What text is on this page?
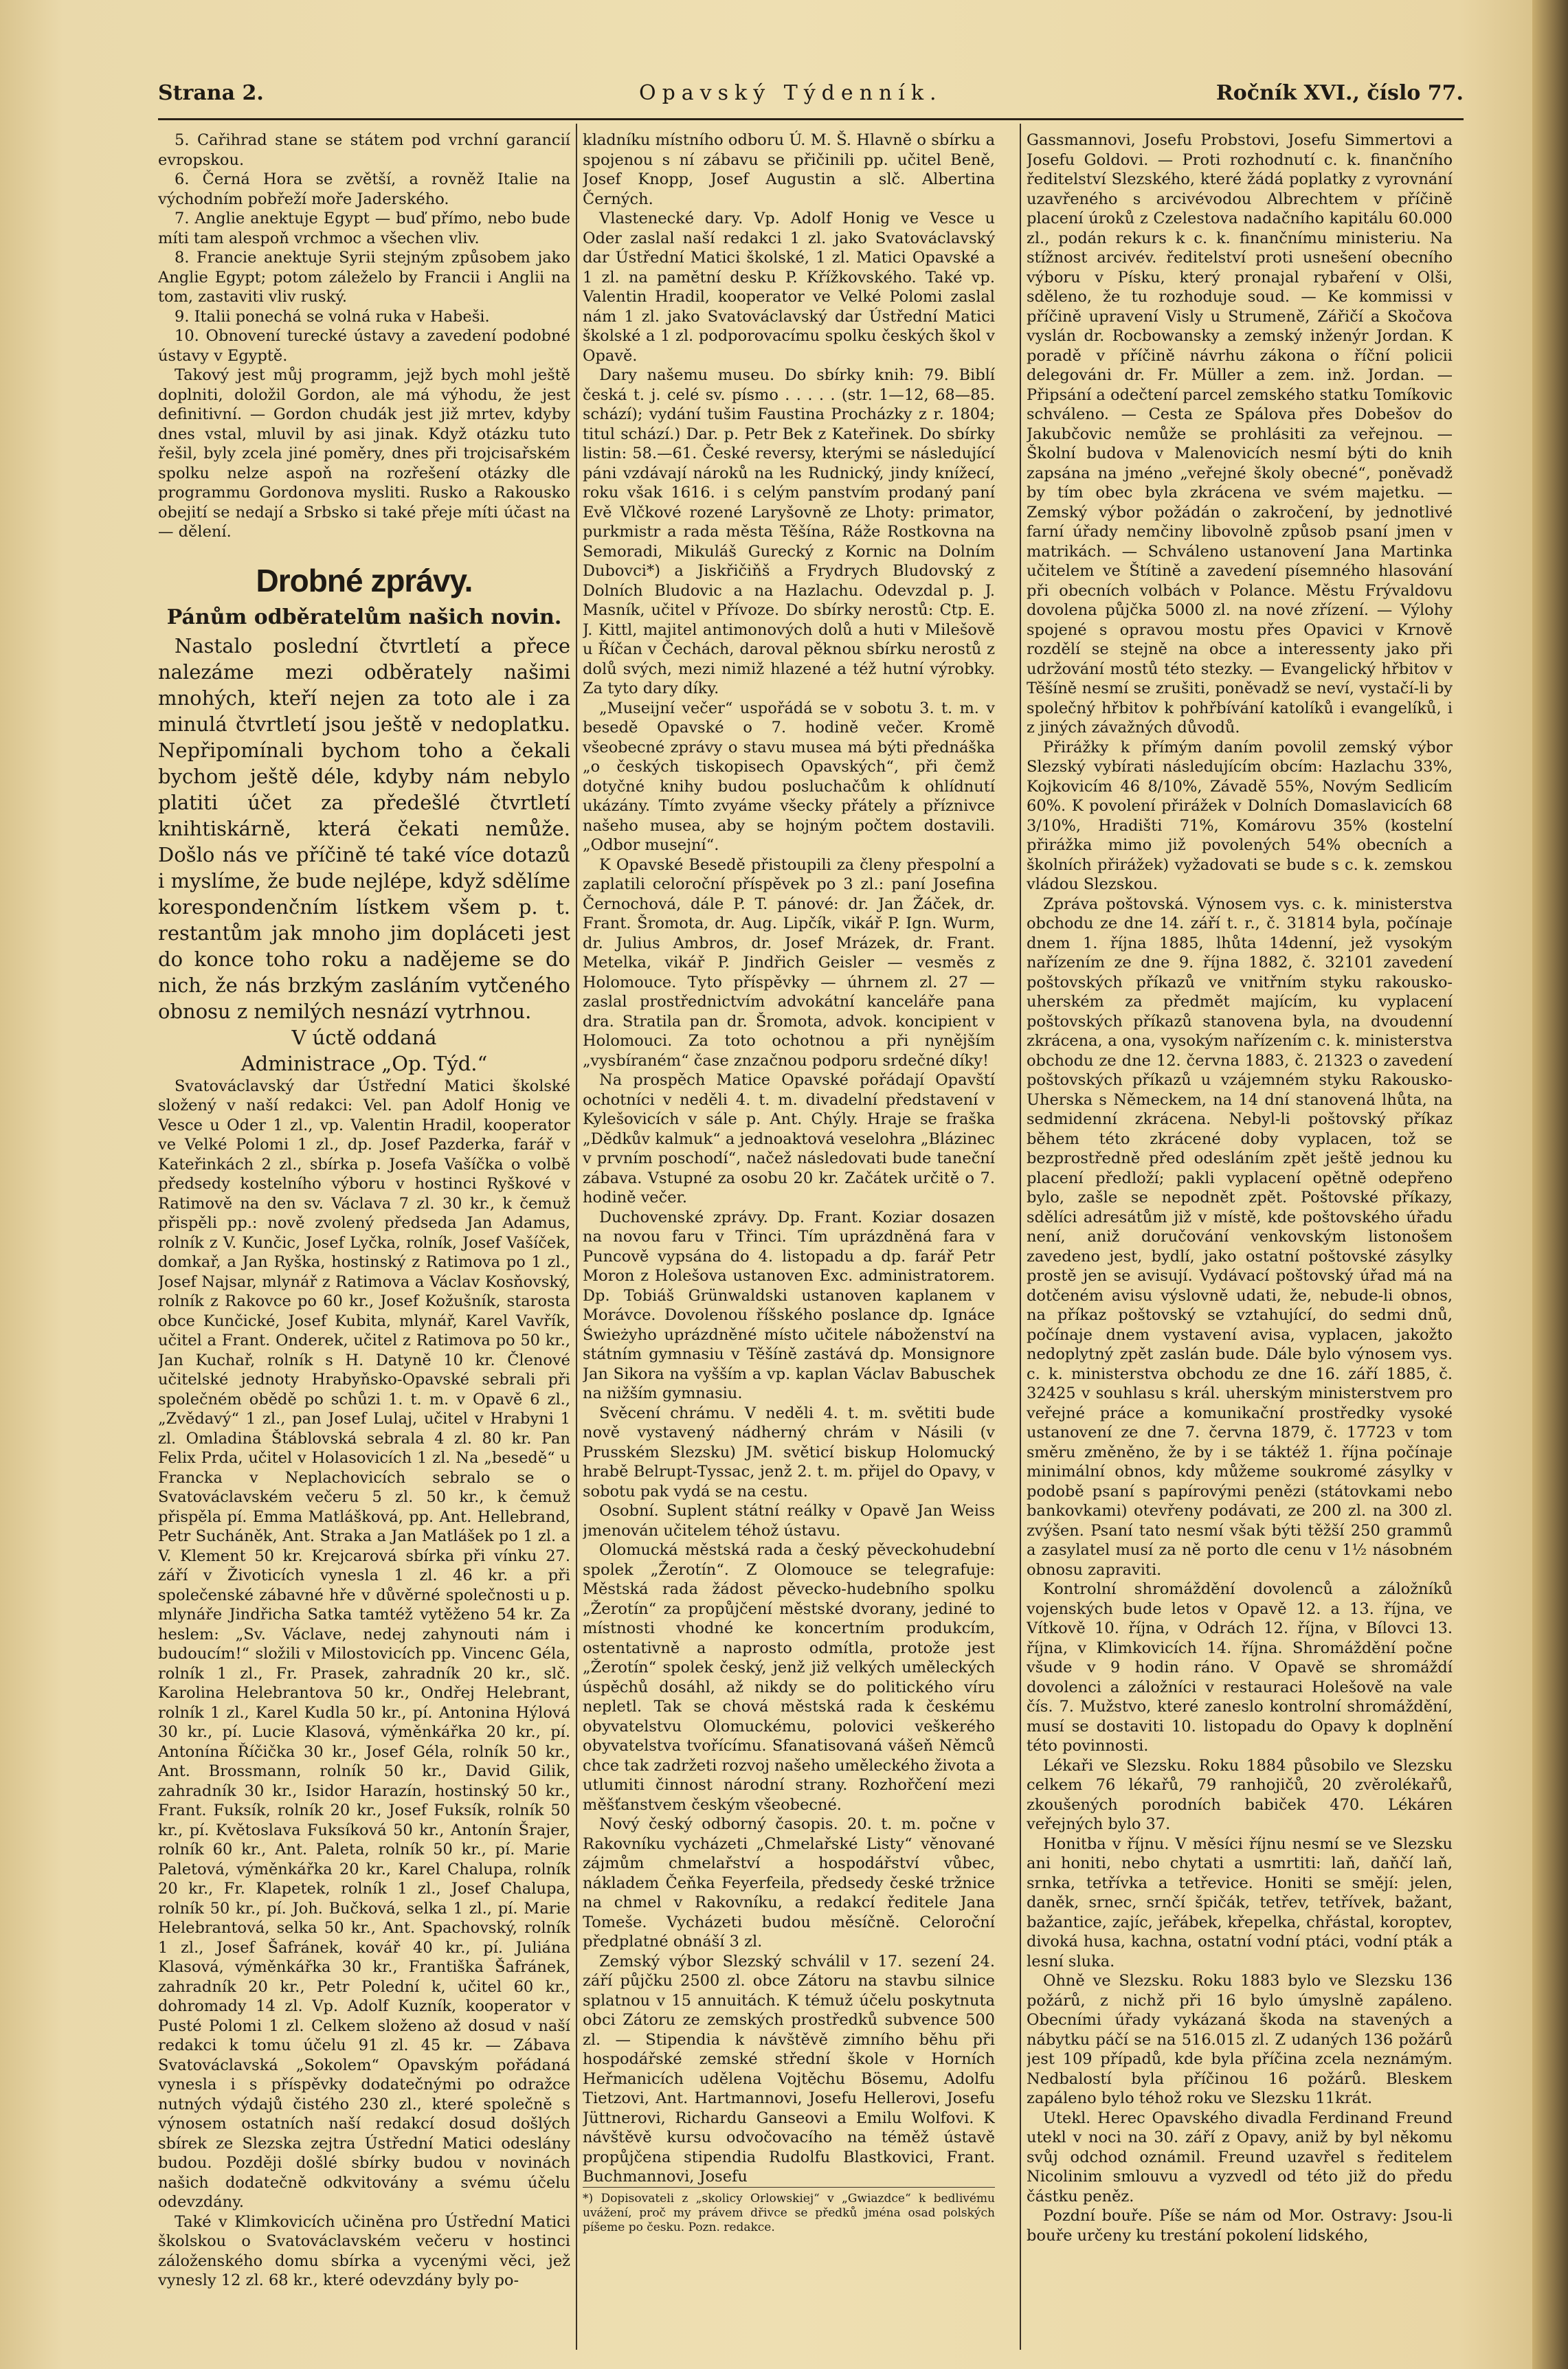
Strana 2.	Opavský Týdenník.	Ročník XVI., číslo 77.

5. Cařihrad stane se státem pod vrchní garancií evropskou.

6. Černá Hora se zvětší, a rovněž Italie na východním pobřeží moře Jaderského.

7. Anglie anektuje Egypt — buď přímo, nebo bude míti tam alespoň vrchmoc a všechen vliv.

8. Francie anektuje Syrii stejným způsobem jako Anglie Egypt; potom záleželo by Francii i Anglii na tom, zastaviti vliv ruský.

9. Italii ponechá se volná ruka v Habeši.

10. Obnovení turecké ústavy a zavedení podobné ústavy v Egyptě.

Takový jest můj programm, jejž bych mohl ještě doplniti, doložil Gordon, ale má výhodu, že jest definitivní. — Gordon chudák jest již mrtev, kdyby dnes vstal, mluvil by asi jinak. Když otázku tuto řešil, byly zcela jiné poměry, dnes při trojcisařském spolku nelze aspoň na rozřešení otázky dle programmu Gordonova mysliti. Rusko a Rakousko obejití se nedají a Srbsko si také přeje míti účast na — dělení.

Drobné zprávy.
Pánům odběratelům našich novin.

Nastalo poslední čtvrtletí a přece nalezáme mezi odběrately našimi mnohých, kteří nejen za toto ale i za minulá čtvrtletí jsou ještě v nedoplatku. Nepřipomínali bychom toho a čekali bychom ještě déle, kdyby nám nebylo platiti účet za předešlé čtvrtletí knihtiskárně, která čekati nemůže. Došlo nás ve příčině té také více dotazů i myslíme, že bude nejlépe, když sdělíme korespondenčním lístkem všem p. t. restantům jak mnoho jim dopláceti jest do konce toho roku a nadějeme se do nich, že nás brzkým zasláním vytčeného obnosu z nemilých nesnází vytrhnou.

V úctě oddaná

Administrace „Op. Týd.“

Svatováclavský dar Ústřední Matici školské složený v naší redakci: Vel. pan Adolf Honig ve Vesce u Oder 1 zl., vp. Valentin Hradil, kooperator ve Velké Polomi 1 zl., dp. Josef Pazderka, farář v Kateřinkách 2 zl., sbírka p. Josefa Vašíčka o volbě předsedy kostelního výboru v hostinci Ryškové v Ratimově na den sv. Václava 7 zl. 30 kr., k čemuž přispěli pp.: nově zvolený předseda Jan Adamus, rolník z V. Kunčic, Josef Lyčka, rolník, Josef Vašíček, domkař, a Jan Ryška, hostinský z Ratimova po 1 zl., Josef Najsar, mlynář z Ratimova a Václav Kosňovský, rolník z Rakovce po 60 kr., Josef Kožušník, starosta obce Kunčické, Josef Kubita, mlynář, Karel Vavřík, učitel a Frant. Onderek, učitel z Ratimova po 50 kr., Jan Kuchař, rolník s H. Datyně 10 kr. Členové učitelské jednoty Hrabyňsko-Opavské sebrali při společném obědě po schůzi 1. t. m. v Opavě 6 zl., „Zvědavý“ 1 zl., pan Josef Lulaj, učitel v Hrabyni 1 zl. Omladina Štáblovská sebrala 4 zl. 80 kr. Pan Felix Prda, učitel v Holasovicích 1 zl. Na „besedě“ u Francka v Neplachovicích sebralo se o Svatováclavském večeru 5 zl. 50 kr., k čemuž přispěla pí. Emma Matlášková, pp. Ant. Hellebrand, Petr Sucháněk, Ant. Straka a Jan Matlášek po 1 zl. a V. Klement 50 kr. Krejcarová sbírka při vínku 27. září v Životicích vynesla 1 zl. 46 kr. a při společenské zábavné hře v důvěrné společnosti u p. mlynáře Jindřicha Satka tamtéž vytěženo 54 kr. Za heslem: „Sv. Václave, nedej zahynouti nám i budoucím!“ složili v Milostovicích pp. Vincenc Géla, rolník 1 zl., Fr. Prasek, zahradník 20 kr., slč. Karolina Helebrantova 50 kr., Ondřej Helebrant, rolník 1 zl., Karel Kudla 50 kr., pí. Antonina Hýlová 30 kr., pí. Lucie Klasová, výměnkářka 20 kr., pí. Antonína Říčička 30 kr., Josef Géla, rolník 50 kr., Ant. Brossmann, rolník 50 kr., David Gilik, zahradník 30 kr., Isidor Harazín, hostinský 50 kr., Frant. Fuksík, rolník 20 kr., Josef Fuksík, rolník 50 kr., pí. Květoslava Fuksíková 50 kr., Antonín Šrajer, rolník 60 kr., Ant. Paleta, rolník 50 kr., pí. Marie Paletová, výměnkářka 20 kr., Karel Chalupa, rolník 20 kr., Fr. Klapetek, rolník 1 zl., Josef Chalupa, rolník 50 kr., pí. Joh. Bučková, selka 1 zl., pí. Marie Helebrantová, selka 50 kr., Ant. Spachovský, rolník 1 zl., Josef Šafránek, kovář 40 kr., pí. Juliána Klasová, výměnkářka 30 kr., Františka Šafránek, zahradník 20 kr., Petr Polední k, učitel 60 kr., dohromady 14 zl. Vp. Adolf Kuzník, kooperator v Pusté Polomi 1 zl. Celkem složeno až dosud v naší redakci k tomu účelu 91 zl. 45 kr. — Zábava Svatováclavská „Sokolem“ Opavským pořádaná vynesla i s příspěvky dodatečnými po odražce nutných výdajů čistého 230 zl., které společně s výnosem ostatních naší redakcí dosud došlých sbírek ze Slezska zejtra Ústřední Matici odeslány budou. Později došlé sbírky budou v novinách našich dodatečně odkvitovány a svému účelu odevzdány.

Také v Klimkovicích učiněna pro Ústřední Matici školskou o Svatováclavském večeru v hostinci záloženského domu sbírka a vycenými věci, jež vynesly 12 zl. 68 kr., které odevzdány byly po-

kladníku místního odboru Ú. M. Š. Hlavně o sbírku a spojenou s ní zábavu se přičinili pp. učitel Beně, Josef Knopp, Josef Augustin a slč. Albertina Černých.

Vlastenecké dary. Vp. Adolf Honig ve Vesce u Oder zaslal naší redakci 1 zl. jako Svatováclavský dar Ústřední Matici školské, 1 zl. Matici Opavské a 1 zl. na pamětní desku P. Křížkovského. Také vp. Valentin Hradil, kooperator ve Velké Polomi zaslal nám 1 zl. jako Svatováclavský dar Ústřední Matici školské a 1 zl. podporovacímu spolku českých škol v Opavě.

Dary našemu museu. Do sbírky knih: 79. Biblí česká t. j. celé sv. písmo . . . . . (str. 1—12, 68—85. schází); vydání tušim Faustina Procházky z r. 1804; titul schází.) Dar. p. Petr Bek z Kateřinek. Do sbírky listin: 58.—61. České reversy, kterými se následující páni vzdávají nároků na les Rudnický, jindy knížecí, roku však 1616. i s celým panstvím prodaný paní Evě Vlčkové rozené Laryšovně ze Lhoty: primator, purkmistr a rada města Těšína, Ráže Rostkovna na Semoradi, Mikuláš Gurecký z Kornic na Dolním Dubovci*) a Jiskřičiňš a Frydrych Bludovský z Dolních Bludovic a na Hazlachu. Odevzdal p. J. Masník, učitel v Přívoze. Do sbírky nerostů: Ctp. E. J. Kittl, majitel antimonových dolů a huti v Milešově u Říčan v Čechách, daroval pěknou sbírku nerostů z dolů svých, mezi nimiž hlazené a též hutní výrobky. Za tyto dary díky.

„Museijní večer“ uspořádá se v sobotu 3. t. m. v besedě Opavské o 7. hodině večer. Kromě všeobecné zprávy o stavu musea má býti přednáška „o českých tiskopisech Opavských“, při čemž dotyčné knihy budou posluchačům k ohlídnutí ukázány. Tímto zvyáme všecky přátely a příznivce našeho musea, aby se hojným počtem dostavili. „Odbor musejní“.

K Opavské Besedě přistoupili za členy přespolní a zaplatili celoroční příspěvek po 3 zl.: paní Josefina Černochová, dále P. T. pánové: dr. Jan Žáček, dr. Frant. Šromota, dr. Aug. Lipčík, vikář P. Ign. Wurm, dr. Julius Ambros, dr. Josef Mrázek, dr. Frant. Metelka, vikář P. Jindřich Geisler — vesměs z Holomouce. Tyto příspěvky — úhrnem zl. 27 — zaslal prostřednictvím advokátní kanceláře pana dra. Stratila pan dr. Šromota, advok. koncipient v Holomouci. Za toto ochotnou a při nynějším „vysbíraném“ čase znzačnou podporu srdečné díky!

Na prospěch Matice Opavské pořádají Opavští ochotníci v neděli 4. t. m. divadelní představení v Kylešovicích v sále p. Ant. Chýly. Hraje se fraška „Dědkův kalmuk“ a jednoaktová veselohra „Blázinec v prvním poschodí“, načež následovati bude taneční zábava. Vstupné za osobu 20 kr. Začátek určitě o 7. hodině večer.

Duchovenské zprávy. Dp. Frant. Koziar dosazen na novou faru v Třinci. Tím uprázdněná fara v Puncově vypsána do 4. listopadu a dp. farář Petr Moron z Holešova ustanoven Exc. administratorem. Dp. Tobiáš Grünwaldski ustanoven kaplanem v Morávce. Dovolenou říšského poslance dp. Ignáce Świeżyho uprázdněné místo učitele náboženství na státním gymnasiu v Těšíně zastává dp. Monsignore Jan Sikora na vyšším a vp. kaplan Václav Babuschek na nižším gymnasiu.

Svěcení chrámu. V neděli 4. t. m. světiti bude nově vystavený nádherný chrám v Násili (v Prusském Slezsku) JM. světicí biskup Holomucký hrabě Belrupt-Tyssac, jenž 2. t. m. přijel do Opavy, v sobotu pak vydá se na cestu.

Osobní. Suplent státní reálky v Opavě Jan Weiss jmenován učitelem téhož ústavu.

Olomucká městská rada a český pěveckohudební spolek „Žerotín“. Z Olomouce se telegrafuje: Městská rada žádost pěvecko-hudebního spolku „Žerotín“ za propůjčení městské dvorany, jediné to místnosti vhodné ke koncertním produkcím, ostentativně a naprosto odmítla, protože jest „Žerotín“ spolek český, jenž již velkých uměleckých úspěchů dosáhl, až nikdy se do politického víru nepletl. Tak se chová městská rada k českému obyvatelstvu Olomuckému, polovici veškerého obyvatelstva tvořícímu. Sfanatisovaná vášeň Němců chce tak zadržeti rozvoj našeho uměleckého života a utlumiti činnost národní strany. Rozhořčení mezi měšťanstvem českým všeobecné.

Nový český odborný časopis. 20. t. m. počne v Rakovníku vycházeti „Chmelařské Listy“ věnované zájmům chmelařství a hospodářství vůbec, nákladem Čeňka Feyerfeila, předsedy české tržnice na chmel v Rakovníku, a redakcí ředitele Jana Tomeše. Vycházeti budou měsíčně. Celoroční předplatné obnáší 3 zl.

Zemský výbor Slezský schválil v 17. sezení 24. září půjčku 2500 zl. obce Zátoru na stavbu silnice splatnou v 15 annuitách. K témuž účelu poskytnuta obci Zátoru ze zemských prostředků subvence 500 zl. — Stipendia k návštěvě zimního běhu při hospodářské zemské střední škole v Horních Heřmanicích udělena Vojtěchu Bösemu, Adolfu Tietzovi, Ant. Hartmannovi, Josefu Hellerovi, Josefu Jüttnerovi, Richardu Ganseovi a Emilu Wolfovi. K návštěvě kursu odvočovacího na téměž ústavě propůjčena stipendia Rudolfu Blastkovici, Frant. Buchmannovi, Josefu

*) Dopisovateli z „skolicy Orlowskiej“ v „Gwiazdce“ k bedlivému uvážení, proč my právem dřivce se předků jména osad polských píšeme po česku. Pozn. redakce.

Gassmannovi, Josefu Probstovi, Josefu Simmertovi a Josefu Goldovi. — Proti rozhodnutí c. k. finančního ředitelství Slezského, které žádá poplatky z vyrovnání uzavřeného s arcivévodou Albrechtem v příčině placení úroků z Czelestova nadačního kapitálu 60.000 zl., podán rekurs k c. k. finančnímu ministeriu. Na stížnost arcivév. ředitelství proti usnešení obecního výboru v Písku, který pronajal rybaření v Olši, sděleno, že tu rozhoduje soud. — Ke kommissi v příčině upravení Visly u Strumeně, Zářičí a Skočova vyslán dr. Rocbowansky a zemský inženýr Jordan. K poradě v příčině návrhu zákona o říční policii delegováni dr. Fr. Müller a zem. inž. Jordan. — Připsání a odečtení parcel zemského statku Tomíkovic schváleno. — Cesta ze Spálova přes Dobešov do Jakubčovic nemůže se prohlásiti za veřejnou. — Školní budova v Malenovicích nesmí býti do knih zapsána na jméno „veřejné školy obecné“, poněvadž by tím obec byla zkrácena ve svém majetku. — Zemský výbor požádán o zakročení, by jednotlivé farní úřady nemčiny libovolně způsob psaní jmen v matrikách. — Schváleno ustanovení Jana Martinka učitelem ve Štítině a zavedení písemného hlasování při obecních volbách v Polance. Městu Frývaldovu dovolena půjčka 5000 zl. na nové zřízení. — Výlohy spojené s opravou mostu přes Opavici v Krnově rozdělí se stejně na obce a interessenty jako při udržování mostů této stezky. — Evangelický hřbitov v Těšíně nesmí se zrušiti, poněvadž se neví, vystačí-li by společný hřbitov k pohřbívání katolíků i evangelíků, i z jiných závažných důvodů.

Přirážky k přímým daním povolil zemský výbor Slezský vybírati následujícím obcím: Hazlachu 33%, Kojkovicím 46 8/10%, Závadě 55%, Novým Sedlicím 60%. K povolení přirážek v Dolních Domaslavicích 68 3/10%, Hradišti 71%, Komárovu 35% (kostelní přirážka mimo již povolených 54% obecních a školních přirážek) vyžadovati se bude s c. k. zemskou vládou Slezskou.

Zpráva poštovská. Výnosem vys. c. k. ministerstva obchodu ze dne 14. září t. r., č. 31814 byla, počínaje dnem 1. října 1885, lhůta 14denní, jež vysokým nařízením ze dne 9. října 1882, č. 32101 zavedení poštovských příkazů ve vnitřním styku rakousko-uherském za předmět majícím, ku vyplacení poštovských příkazů stanovena byla, na dvoudenní zkrácena, a ona, vysokým nařízením c. k. ministerstva obchodu ze dne 12. června 1883, č. 21323 o zavedení poštovských příkazů u vzájemném styku Rakousko-Uherska s Německem, na 14 dní stanovená lhůta, na sedmidenní zkrácena. Nebyl-li poštovský příkaz během této zkrácené doby vyplacen, tož se bezprostředně před odesláním zpět ještě jednou ku placení předloží; pakli vyplacení opětně odepřeno bylo, zašle se nepodnět zpět. Poštovské příkazy, sdělíci adresátům již v místě, kde poštovského úřadu není, aniž doručování venkovským listonošem zavedeno jest, bydlí, jako ostatní poštovské zásylky prostě jen se avisují. Vydávací poštovský úřad má na dotčeném avisu výslovně udati, že, nebude-li obnos, na příkaz poštovský se vztahující, do sedmi dnů, počínaje dnem vystavení avisa, vyplacen, jakožto nedoplytný zpět zaslán bude. Dále bylo výnosem vys. c. k. ministerstva obchodu ze dne 16. září 1885, č. 32425 v souhlasu s král. uherským ministerstvem pro veřejné práce a komunikační prostředky vysoké ustanovení ze dne 7. června 1879, č. 17723 v tom směru změněno, že by i se táktéž 1. října počínaje minimální obnos, kdy můžeme soukromé zásylky v podobě psaní s papírovými penězi (státovkami nebo bankovkami) otevřeny podávati, ze 200 zl. na 300 zl. zvýšen. Psaní tato nesmí však býti těžší 250 grammů a zasylatel musí za ně porto dle cenu v 1½ násobném obnosu zapraviti.

Kontrolní shromáždění dovolenců a záložníků vojenských bude letos v Opavě 12. a 13. října, ve Vítkově 10. října, v Odrách 12. října, v Bílovci 13. října, v Klimkovicích 14. října. Shromáždění počne všude v 9 hodin ráno. V Opavě se shromáždí dovolenci a záložníci v restauraci Holešově na vale čís. 7. Mužstvo, které zaneslo kontrolní shromáždění, musí se dostaviti 10. listopadu do Opavy k doplnění této povinnosti.

Lékaři ve Slezsku. Roku 1884 působilo ve Slezsku celkem 76 lékařů, 79 ranhojičů, 20 zvěrolékařů, zkoušených porodních babiček 470. Lékáren veřejných bylo 37.

Honitba v říjnu. V měsíci říjnu nesmí se ve Slezsku ani honiti, nebo chytati a usmrtiti: laň, daňčí laň, srnka, tetřívka a tetřevice. Honiti se smějí: jelen, daněk, srnec, srnčí špičák, tetřev, tetřívek, bažant, bažantice, zajíc, jeřábek, křepelka, chřástal, koroptev, divoká husa, kachna, ostatní vodní ptáci, vodní pták a lesní sluka.

Ohně ve Slezsku. Roku 1883 bylo ve Slezsku 136 požárů, z nichž při 16 bylo úmyslně zapáleno. Obecními úřady vykázaná škoda na stavených a nábytku páčí se na 516.015 zl. Z udaných 136 požárů jest 109 případů, kde byla příčina zcela neznámým. Nedbalostí byla příčinou 16 požárů. Bleskem zapáleno bylo téhož roku ve Slezsku 11krát.

Utekl. Herec Opavského divadla Ferdinand Freund utekl v noci na 30. září z Opavy, aniž by byl někomu svůj odchod oznámil. Freund uzavřel s ředitelem Nicolinim smlouvu a vyzvedl od této již do předu částku peněz.

Pozdní bouře. Píše se nám od Mor. Ostravy: Jsou-li bouře určeny ku trestání pokolení lidského,
